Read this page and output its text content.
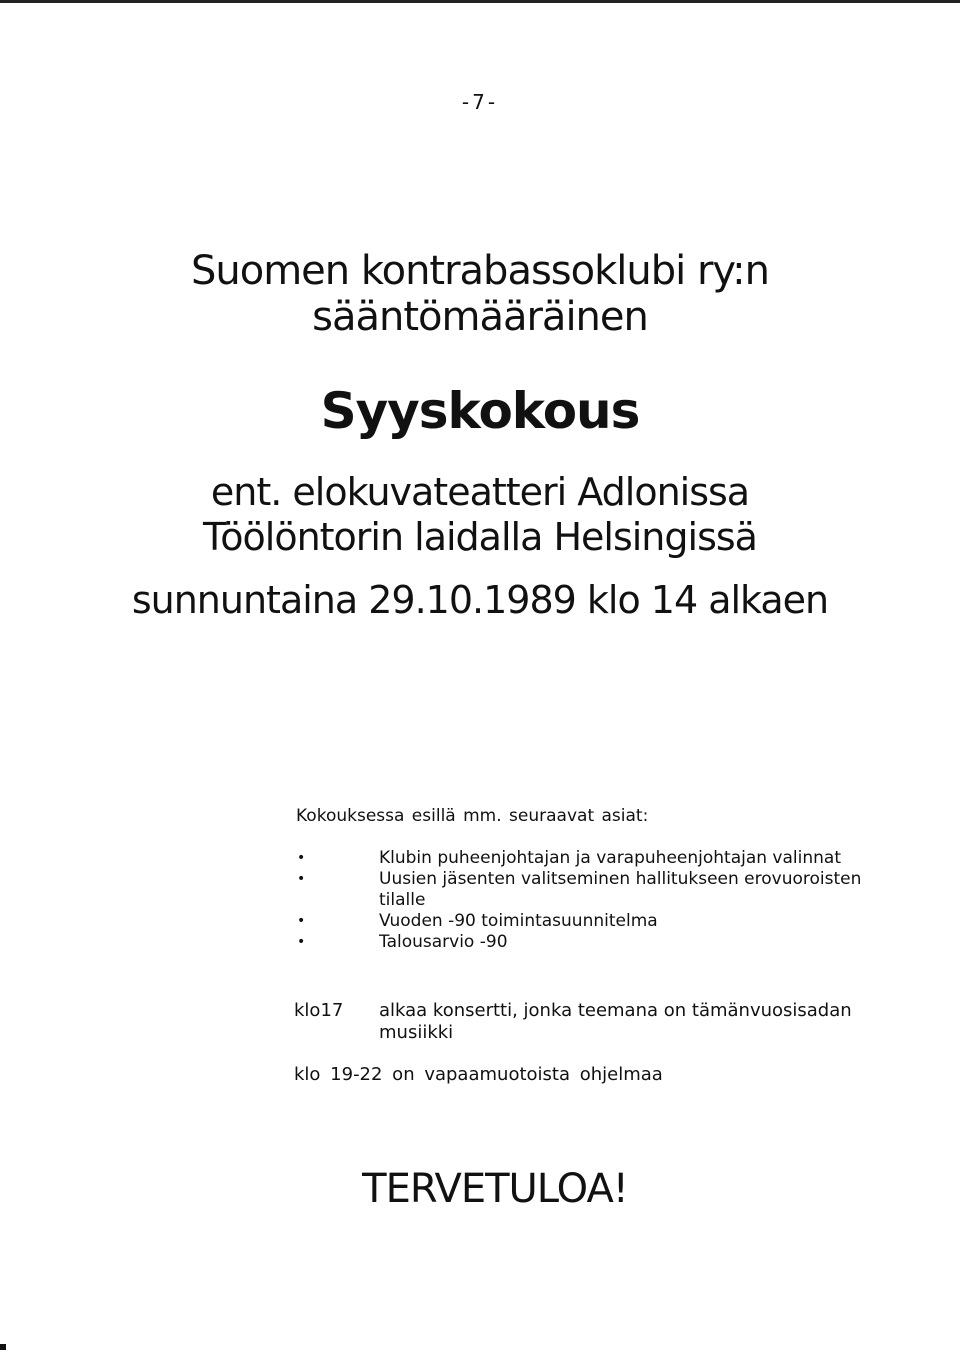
-7-
Suomen kontrabassoklubi ry:n
sääntömääräinen
Syyskokous
ent. elokuvateatteri Adlonissa
Töölöntorin laidalla Helsingissä
sunnuntaina 29.10.1989 klo 14 alkaen
Kokouksessa esillä mm. seuraavat asiat:
•	Klubin puheenjohtajan ja varapuheenjohtajan valinnat
•	Uusien jäsenten valitseminen hallitukseen erovuoroisten tilalle
•	Vuoden -90 toimintasuunnitelma
•	Talousarvio -90
klo17	alkaa konsertti, jonka teemana on tämänvuosisadan musiikki
klo 19-22 on vapaamuotoista ohjelmaa
TERVETULOA!
